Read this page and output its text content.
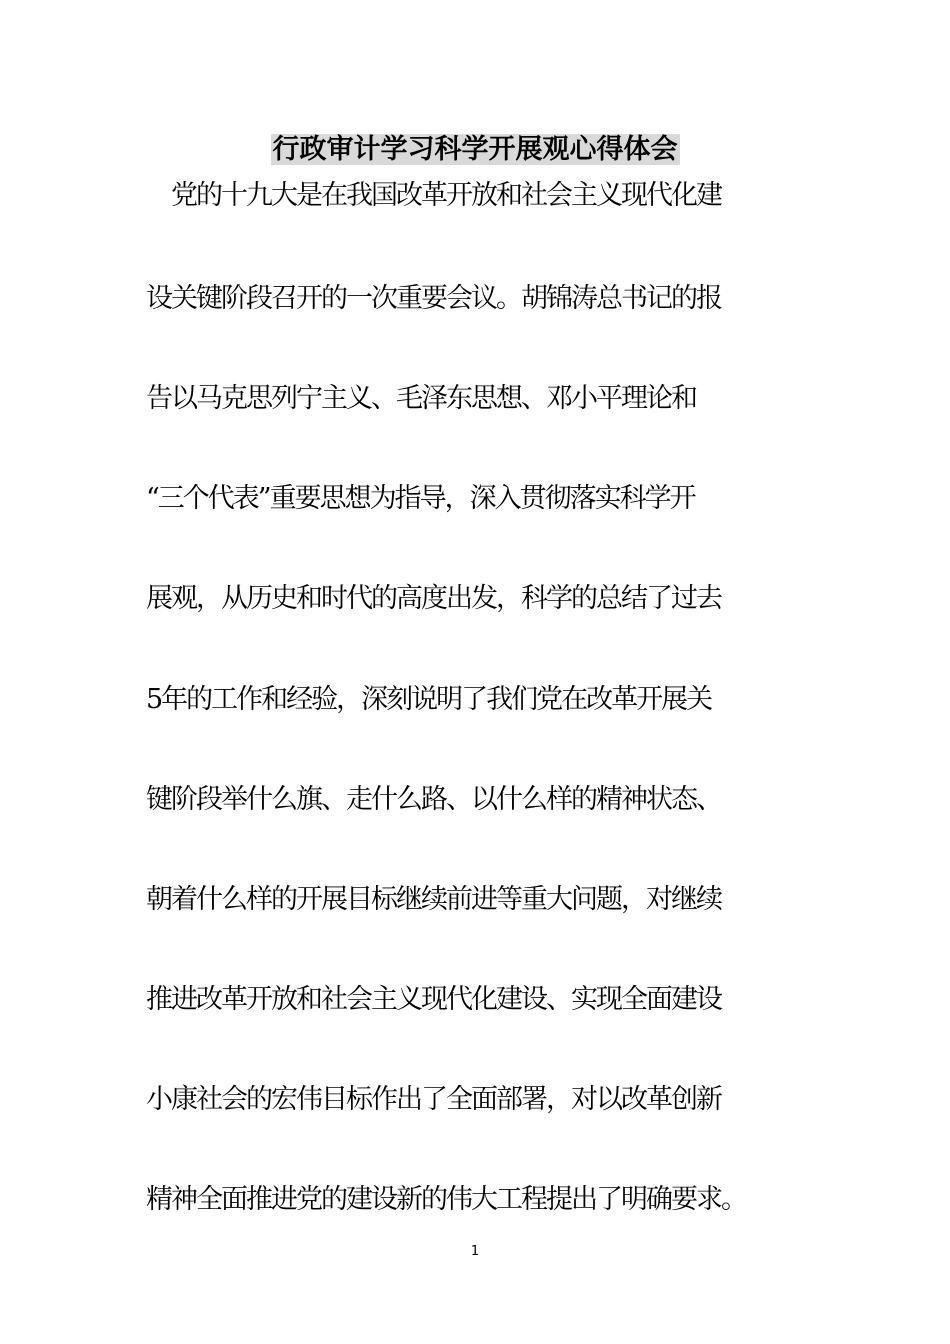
行政审计学习科学开展观心得体会
　党的十九大是在我国改革开放和社会主义现代化建
设关键阶段召开的一次重要会议。胡锦涛总书记的报
告以马克思列宁主义、毛泽东思想、邓小平理论和
“三个代表”重要思想为指导，深入贯彻落实科学开
展观，从历史和时代的高度出发，科学的总结了过去
5年的工作和经验，深刻说明了我们党在改革开展关
键阶段举什么旗、走什么路、以什么样的精神状态、
朝着什么样的开展目标继续前进等重大问题，对继续
推进改革开放和社会主义现代化建设、实现全面建设
小康社会的宏伟目标作出了全面部署，对以改革创新
精神全面推进党的建设新的伟大工程提出了明确要求。
1
